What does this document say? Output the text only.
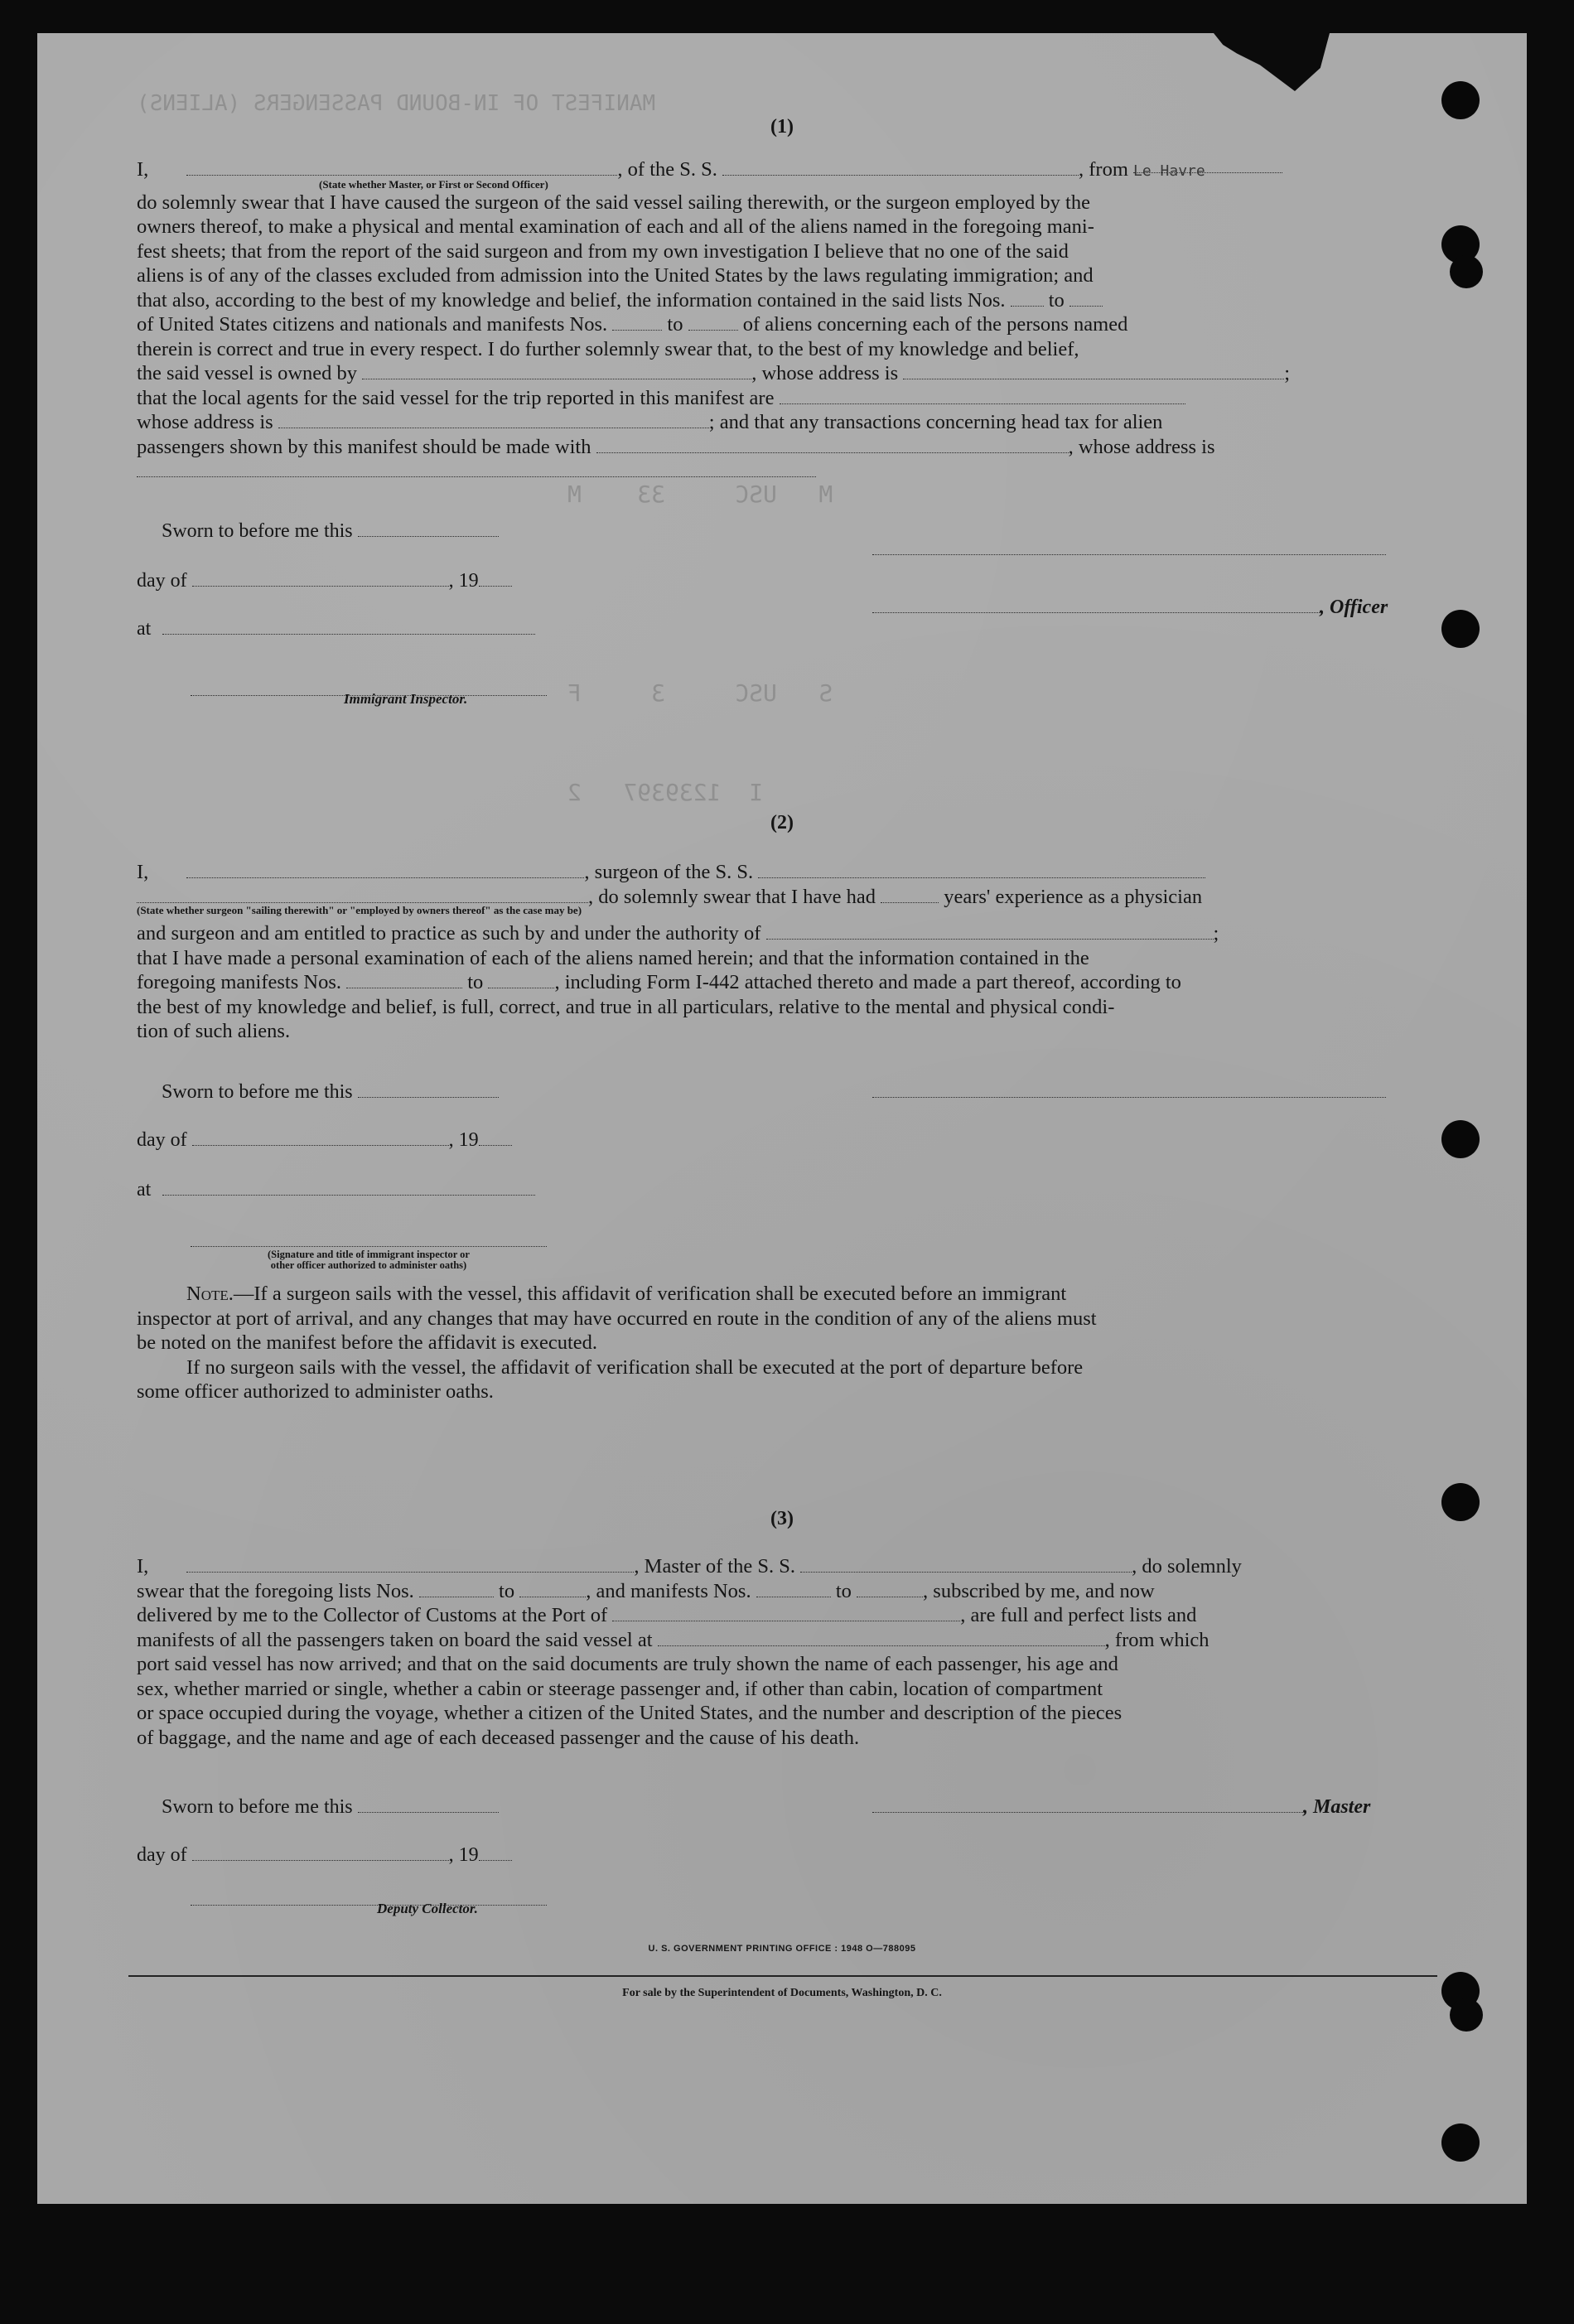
MANIFEST OF IN-BOUND PASSENGERS (ALIENS)
M   USC     33    M
S   USC     3     F
I  1239397   2
(1)
I,	, of the S. S.	, from Le Havre
(State whether Master, or First or Second Officer)
do solemnly swear that I have caused the surgeon of the said vessel sailing therewith, or the surgeon employed by the
owners thereof, to make a physical and mental examination of each and all of the aliens named in the foregoing mani-
fest sheets; that from the report of the said surgeon and from my own investigation I believe that no one of the said
aliens is of any of the classes excluded from admission into the United States by the laws regulating immigration; and
that also, according to the best of my knowledge and belief, the information contained in the said lists Nos. to
of United States citizens and nationals and manifests Nos.	to	of aliens concerning each of the persons named
therein is correct and true in every respect. I do further solemnly swear that, to the best of my knowledge and belief,
the said vessel is owned by	, whose address is	;
that the local agents for the said vessel for the trip reported in this manifest are
whose address is	; and that any transactions concerning head tax for alien
passengers shown by this manifest should be made with	, whose address is
Sworn to before me this
day of	, 19
at
Immigrant Inspector.
, Officer
(2)
I,	, surgeon of the S. S.
, do solemnly swear that I have had	years' experience as a physician
(State whether surgeon "sailing therewith" or "employed by owners thereof" as the case may be)
and surgeon and am entitled to practice as such by and under the authority of	;
that I have made a personal examination of each of the aliens named herein; and that the information contained in the
foregoing manifests Nos.	to	, including Form I-442 attached thereto and made a part thereof, according to
the best of my knowledge and belief, is full, correct, and true in all particulars, relative to the mental and physical condi-
tion of such aliens.
Sworn to before me this
day of	, 19
at
(Signature and title of immigrant inspector or
other officer authorized to administer oaths)
Note.—If a surgeon sails with the vessel, this affidavit of verification shall be executed before an immigrant
inspector at port of arrival, and any changes that may have occurred en route in the condition of any of the aliens must
be noted on the manifest before the affidavit is executed.
If no surgeon sails with the vessel, the affidavit of verification shall be executed at the port of departure before
some officer authorized to administer oaths.
(3)
I,	, Master of the S. S.	, do solemnly
swear that the foregoing lists Nos.	to	, and manifests Nos.	to	, subscribed by me, and now
delivered by me to the Collector of Customs at the Port of	, are full and perfect lists and
manifests of all the passengers taken on board the said vessel at	, from which
port said vessel has now arrived; and that on the said documents are truly shown the name of each passenger, his age and
sex, whether married or single, whether a cabin or steerage passenger and, if other than cabin, location of compartment
or space occupied during the voyage, whether a citizen of the United States, and the number and description of the pieces
of baggage, and the name and age of each deceased passenger and the cause of his death.
Sworn to before me this	, Master
day of	, 19
Deputy Collector.
U. S. GOVERNMENT PRINTING OFFICE : 1948 O—788095
For sale by the Superintendent of Documents, Washington, D. C.
